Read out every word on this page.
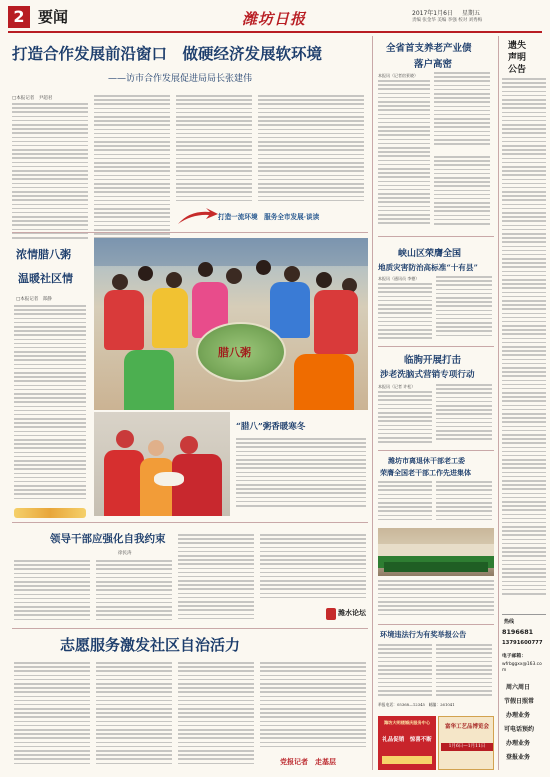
2 要闻	潍坊日报	2017年1月6日 星期五
责编 张金华 美编 李强 校对 刘秀梅
打造合作发展前沿窗口　做硬经济发展软环境
——访市合作发展促进局局长张建伟
□本报记者　尹超君
打造一流环境　服务全市发展·谈读
浓情腊八粥
温暖社区情
□本报记者　郑静
腊八粥
“腊八”粥香暖寒冬
领导干部应强化自我约束
徐民涛
潍水论坛
志愿服务激发社区自治活力
党报记者　走基层
全省首支养老产业债
落户高密
本报讯（记者宿景晓）
峡山区荣膺全国
地质灾害防治高标准“十有县”
本报讯（通讯员 李德）
临朐开展打击
涉老洗脑式营销专项行动
本报讯（记者 许松）
潍坊市离退休干部老工委
荣膺全国老干部工作先进集体
环境违法行为有奖举报公告
举报电话：05368—12345　邮编：261041
潍坊大明楼婚庆服务中心
礼品促销　惊喜不断
富华工艺品博览会
1月6日—1月11日
遗失
声明
公告
热线
8196681
13791600777
电子邮箱：
wfrbggxx@163.com
周六周日
节假日照常
办理业务
可电话预约
办理业务
登报业务
